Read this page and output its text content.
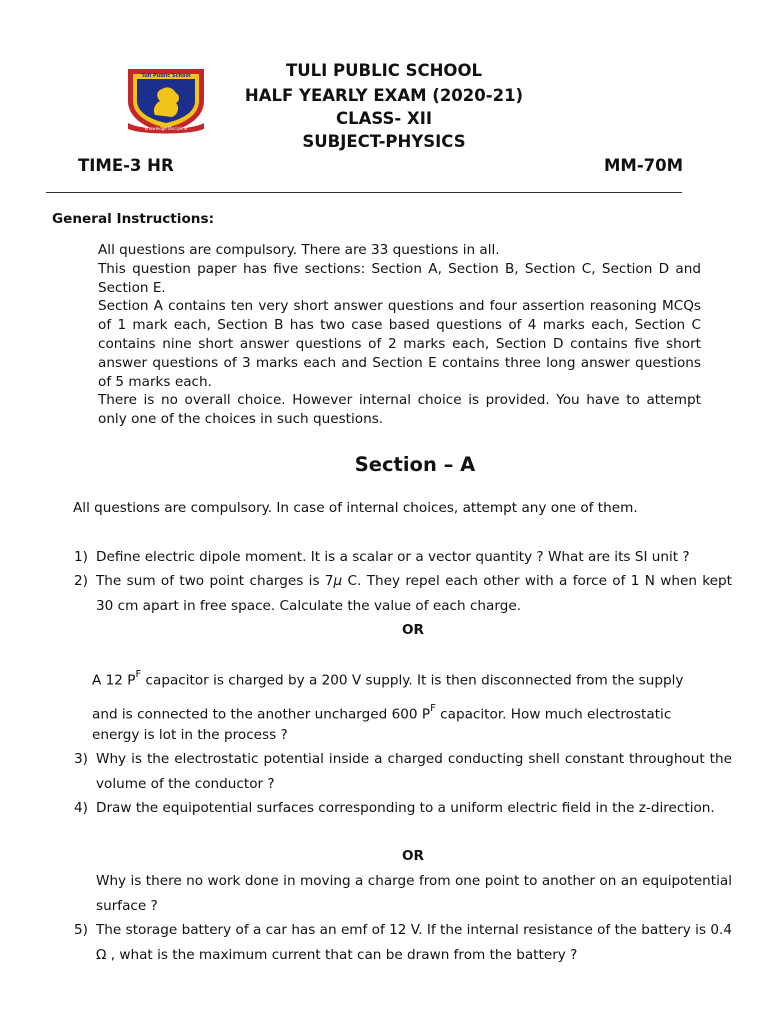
Tuli Public School
Knowledge Discipline
TULI PUBLIC SCHOOL
HALF YEARLY EXAM (2020-21)
CLASS- XII
SUBJECT-PHYSICS
TIME-3 HR	MM-70M
General Instructions:
All questions are compulsory. There are 33 questions in all.
This question paper has five sections: Section A, Section B, Section C, Section D and Section E.
Section A contains ten very short answer questions and four assertion reasoning MCQs of 1 mark each, Section B has two case based questions of 4 marks each, Section C contains nine short answer questions of 2 marks each, Section D contains five short answer questions of 3 marks each and Section E contains three long answer questions of 5 marks each.
There is no overall choice. However internal choice is provided. You have to attempt only one of the choices in such questions.
Section – A
All questions are compulsory. In case of internal choices, attempt any one of them.
1) Define electric dipole moment. It is a scalar or a vector quantity ? What are its SI unit ?
2) The sum of two point charges is 7μ C. They repel each other with a force of 1 N when kept 30 cm apart in free space. Calculate the value of each charge.
OR
A 12 $P^F$ capacitor is charged by a 200 V supply. It is then disconnected from the supply
and is connected to the another uncharged 600 $P^F$ capacitor. How much electrostatic
energy is lot in the process ?
3) Why is the electrostatic potential inside a charged conducting shell constant throughout the volume of the conductor ?
4) Draw the equipotential surfaces corresponding to a uniform electric field in the z-direction.
OR
Why is there no work done in moving a charge from one point to another on an equipotential surface ?
5) The storage battery of a car has an emf of 12 V. If the internal resistance of the battery is 0.4 Ω , what is the maximum current that can be drawn from the battery ?
